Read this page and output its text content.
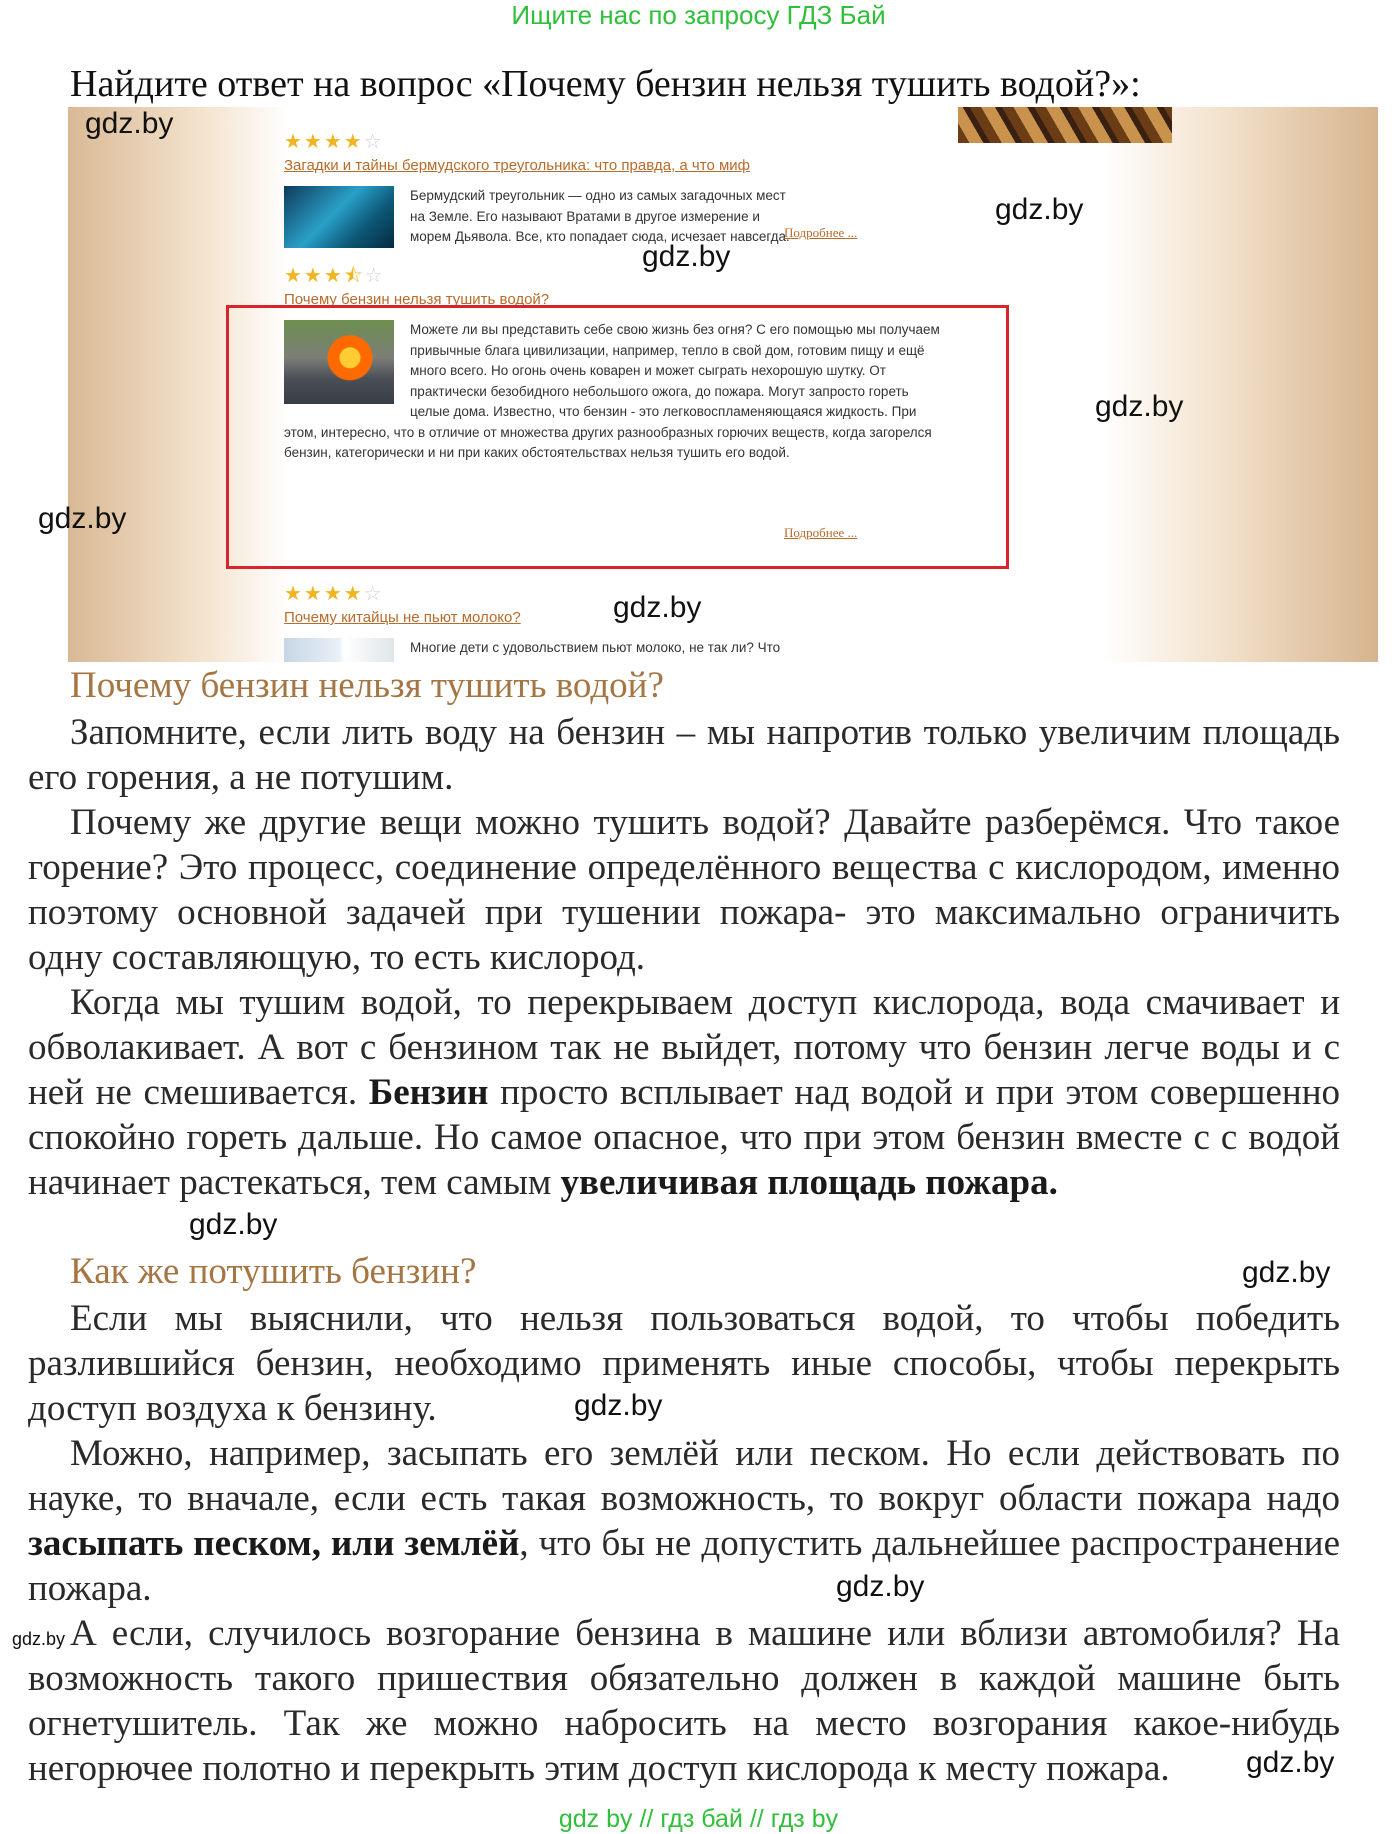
Ищите нас по запросу ГДЗ Бай
Найдите ответ на вопрос «Почему бензин нельзя тушить водой?»:
★★★★☆
Загадки и тайны бермудского треугольника: что правда, а что миф
Бермудский треугольник — одно из самых загадочных мест на Земле. Его называют Вратами в другое измерение и морем Дьявола. Все, кто попадает сюда, исчезает навсегда.
Подробнее ...
★★★⯪☆
Почему бензин нельзя тушить водой?
Можете ли вы представить себе свою жизнь без огня? С его помощью мы получаем привычные блага цивилизации, например, тепло в свой дом, готовим пищу и ещё много всего. Но огонь очень коварен и может сыграть нехорошую шутку. От практически безобидного небольшого ожога, до пожара. Могут запросто гореть целые дома. Известно, что бензин - это легковоспламеняющаяся жидкость. При этом, интересно, что в отличие от множества других разнообразных горючих веществ, когда загорелся бензин, категорически и ни при каких обстоятельствах нельзя тушить его водой.
Подробнее ...
★★★★☆
Почему китайцы не пьют молоко?
Многие дети с удовольствием пьют молоко, не так ли? Что
Почему бензин нельзя тушить водой?

Запомните, если лить воду на бензин – мы напротив только увеличим площадь его горения, а не потушим.

Почему же другие вещи можно тушить водой? Давайте разберёмся. Что такое горение? Это процесс, соединение определённого вещества с кислородом, именно поэтому основной задачей при тушении пожара- это максимально ограничить одну составляющую, то есть кислород.

Когда мы тушим водой, то перекрываем доступ кислорода, вода смачивает и обволакивает. А вот с бензином так не выйдет, потому что бензин легче воды и с ней не смешивается. Бензин просто всплывает над водой и при этом совершенно спокойно гореть дальше. Но самое опасное, что при этом бензин вместе с с водой начинает растекаться, тем самым увеличивая площадь пожара.

Как же потушить бензин?

Если мы выяснили, что нельзя пользоваться водой, то чтобы победить разлившийся бензин, необходимо применять иные способы, чтобы перекрыть доступ воздуха к бензину.

Можно, например, засыпать его землёй или песком. Но если действовать по науке, то вначале, если есть такая возможность, то вокруг области пожара надо засыпать песком, или землёй, что бы не допустить дальнейшее распространение пожара.

А если, случилось возгорание бензина в машине или вблизи автомобиля? На возможность такого пришествия обязательно должен в каждой машине быть огнетушитель. Так же можно набросить на место возгорания какое-нибудь негорючее полотно и перекрыть этим доступ кислорода к месту пожара.

gdz.by
gdz.by
gdz.by
gdz.by
gdz.by
gdz.by
gdz.by
gdz.by
gdz.by
gdz.by
gdz.by
gdz.by
gdz by // гдз бай // гдз by
